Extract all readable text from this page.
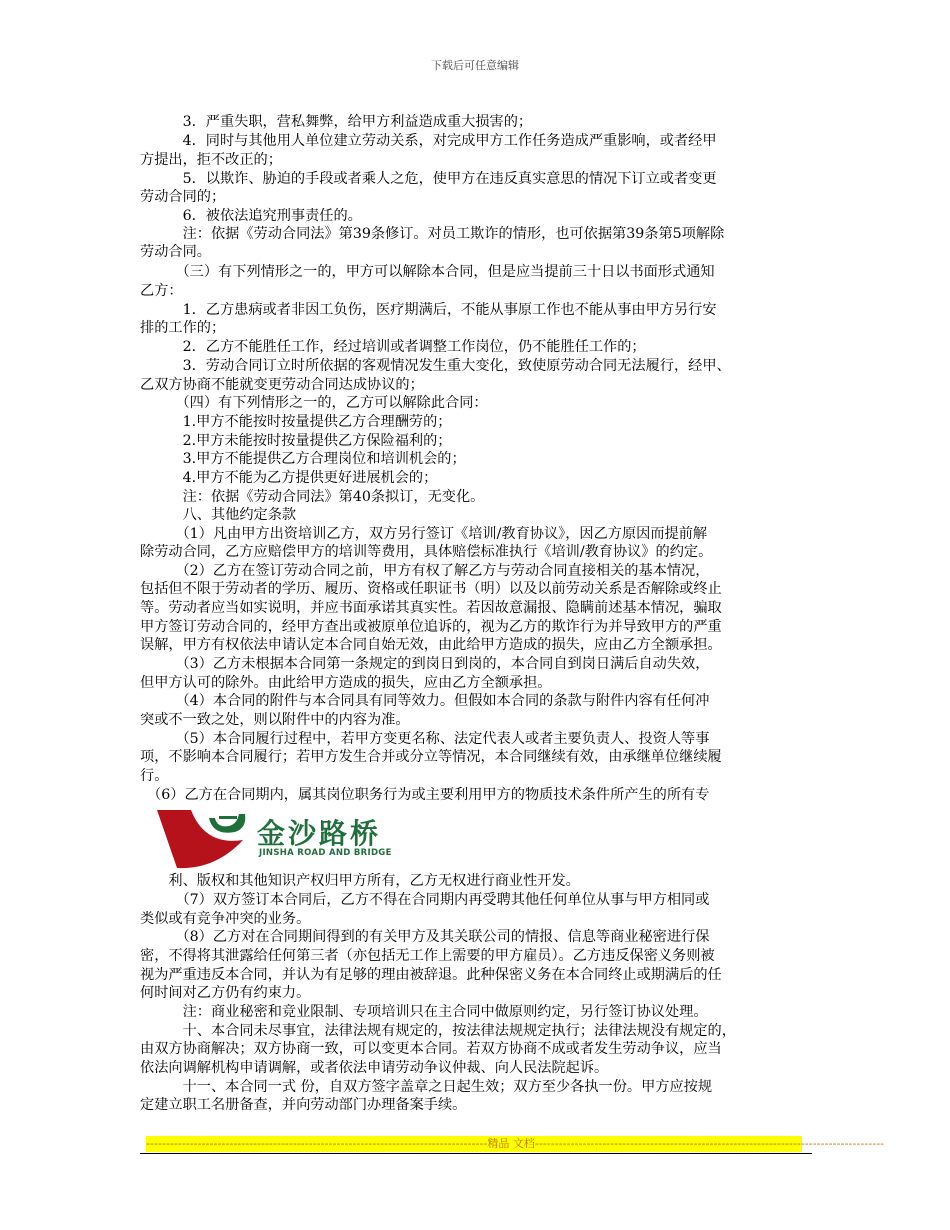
下载后可任意编辑
　　　3．严重失职，营私舞弊，给甲方利益造成重大损害的；
　　　4．同时与其他用人单位建立劳动关系，对完成甲方工作任务造成严重影响，或者经甲
方提出，拒不改正的；
　　　5．以欺诈、胁迫的手段或者乘人之危，使甲方在违反真实意思的情况下订立或者变更
劳动合同的；
　　　6．被依法追究刑事责任的。
　　　注：依据《劳动合同法》第39条修订。对员工欺诈的情形，也可依据第39条第5项解除
劳动合同。
　　　（三）有下列情形之一的，甲方可以解除本合同，但是应当提前三十日以书面形式通知
乙方：
　　　1．乙方患病或者非因工负伤，医疗期满后，不能从事原工作也不能从事由甲方另行安
排的工作的；
　　　2．乙方不能胜任工作，经过培训或者调整工作岗位，仍不能胜任工作的；
　　　3．劳动合同订立时所依据的客观情况发生重大变化，致使原劳动合同无法履行，经甲、
乙双方协商不能就变更劳动合同达成协议的；
　　　（四）有下列情形之一的，乙方可以解除此合同：
　　　1.甲方不能按时按量提供乙方合理酬劳的；
　　　2.甲方未能按时按量提供乙方保险福利的；
　　　3.甲方不能提供乙方合理岗位和培训机会的；
　　　4.甲方不能为乙方提供更好进展机会的；
　　　注：依据《劳动合同法》第40条拟订，无变化。
　　　八、其他约定条款
　　　（1）凡由甲方出资培训乙方，双方另行签订《培训/教育协议》，因乙方原因而提前解
除劳动合同，乙方应赔偿甲方的培训等费用，具体赔偿标准执行《培训/教育协议》的约定。
　　　（2）乙方在签订劳动合同之前，甲方有权了解乙方与劳动合同直接相关的基本情况，
包括但不限于劳动者的学历、履历、资格或任职证书（明）以及以前劳动关系是否解除或终止
等。劳动者应当如实说明，并应书面承诺其真实性。若因故意漏报、隐瞒前述基本情况，骗取
甲方签订劳动合同的，经甲方查出或被原单位追诉的，视为乙方的欺诈行为并导致甲方的严重
误解，甲方有权依法申请认定本合同自始无效，由此给甲方造成的损失，应由乙方全额承担。
　　　（3）乙方未根据本合同第一条规定的到岗日到岗的，本合同自到岗日满后自动失效，
但甲方认可的除外。由此给甲方造成的损失，应由乙方全额承担。
　　　（4）本合同的附件与本合同具有同等效力。但假如本合同的条款与附件内容有任何冲
突或不一致之处，则以附件中的内容为准。
　　　（5）本合同履行过程中，若甲方变更名称、法定代表人或者主要负责人、投资人等事
项，不影响本合同履行；若甲方发生合并或分立等情况，本合同继续有效，由承继单位继续履
行。
　（6）乙方在合同期内，属其岗位职务行为或主要利用甲方的物质技术条件所产生的所有专
　　利、版权和其他知识产权归甲方所有，乙方无权进行商业性开发。
　　　（7）双方签订本合同后，乙方不得在合同期内再受聘其他任何单位从事与甲方相同或
类似或有竞争冲突的业务。
　　　（8）乙方对在合同期间得到的有关甲方及其关联公司的情报、信息等商业秘密进行保
密，不得将其泄露给任何第三者（亦包括无工作上需要的甲方雇员）。乙方违反保密义务则被
视为严重违反本合同，并认为有足够的理由被辞退。此种保密义务在本合同终止或期满后的任
何时间对乙方仍有约束力。
　　　注：商业秘密和竞业限制、专项培训只在主合同中做原则约定，另行签订协议处理。
　　　十、本合同未尽事宜，法律法规有规定的，按法律法规规定执行；法律法规没有规定的，
由双方协商解决；双方协商一致，可以变更本合同。若双方协商不成或者发生劳动争议，应当
依法向调解机构申请调解，或者依法申请劳动争议仲裁、向人民法院起诉。
　　　十一、本合同一式 份，自双方签字盖章之日起生效；双方至少各执一份。甲方应按规
定建立职工名册备查，并向劳动部门办理备案手续。
金沙路桥
JINSHA ROAD AND BRIDGE
--------------------------------------------------------------------------------------精品 文档----------------------------------------------------------------------------------------
